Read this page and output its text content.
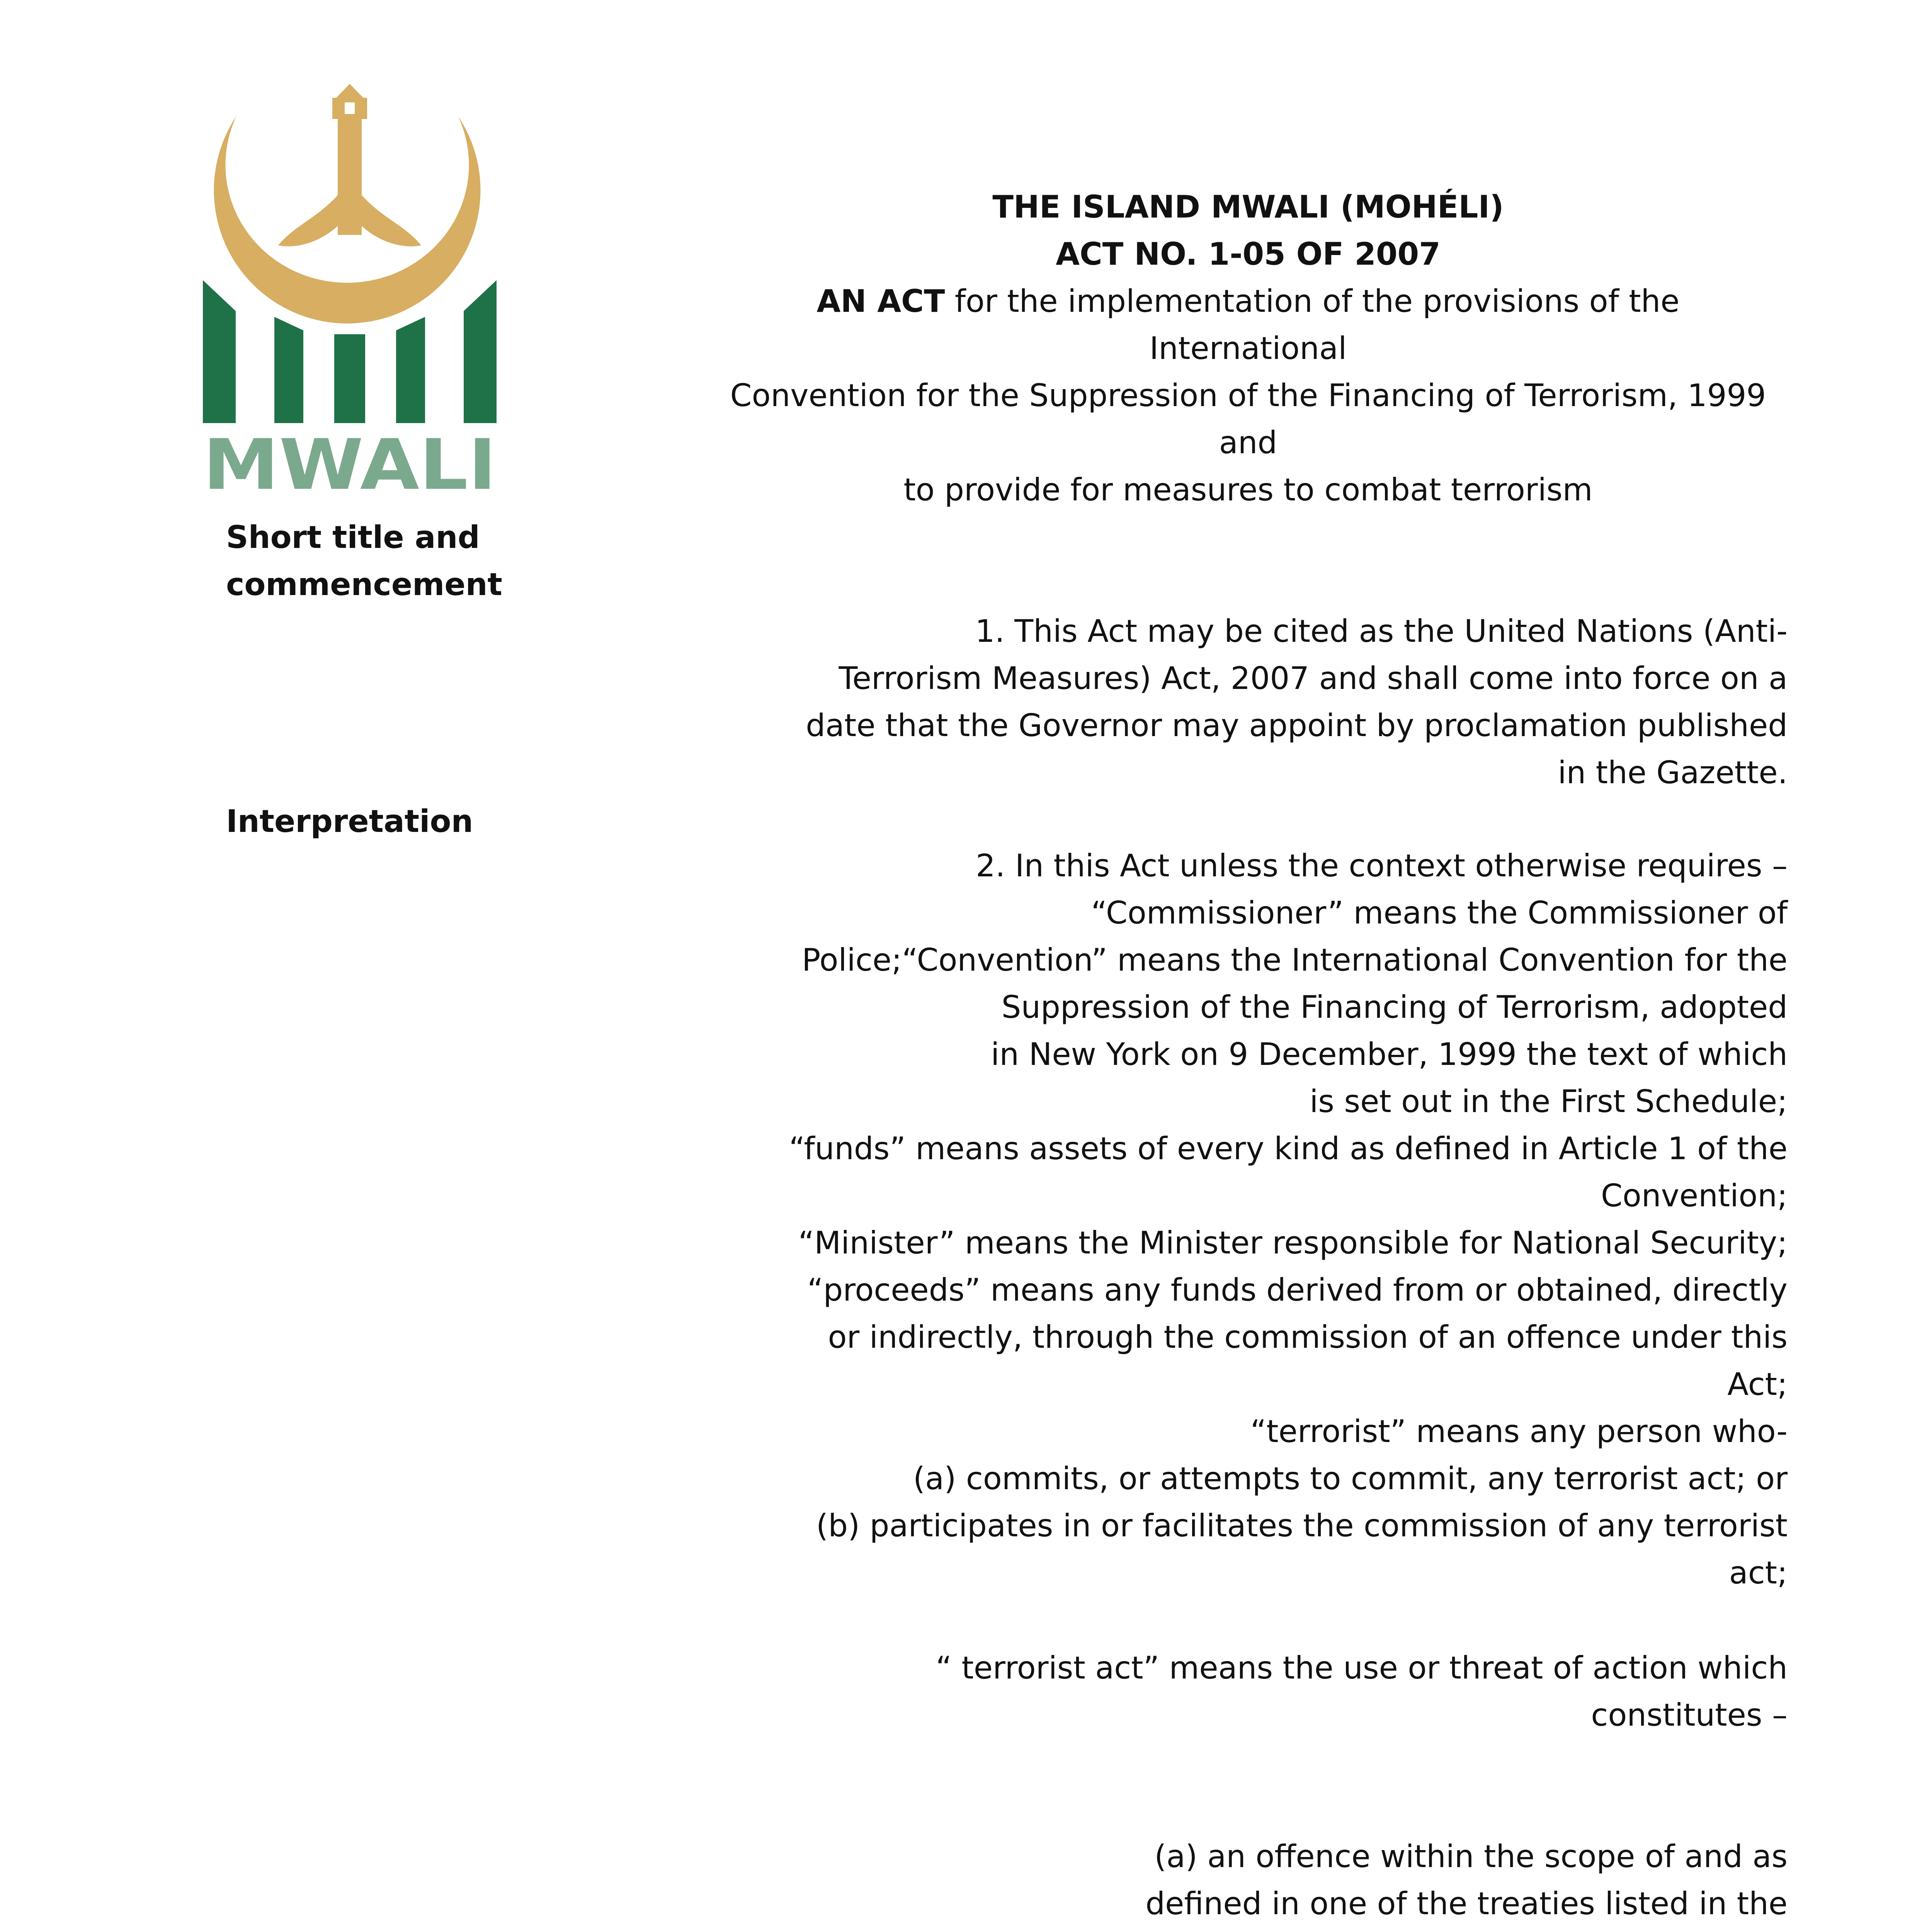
MWALI
Short title and
commencement
Interpretation
THE ISLAND MWALI (MOHÉLI)
ACT NO. 1-05 OF 2007
AN ACT for the implementation of the provisions of the International
Convention for the Suppression of the Financing of Terrorism, 1999 and
to provide for measures to combat terrorism
1. This Act may be cited as the United Nations (Anti-
Terrorism Measures) Act, 2007 and shall come into force on a
date that the Governor may appoint by proclamation published
in the Gazette.
2. In this Act unless the context otherwise requires –
“Commissioner” means the Commissioner of
Police;“Convention” means the International Convention for the
Suppression of the Financing of Terrorism, adopted
in New York on 9 December, 1999 the text of which
is set out in the First Schedule;
“funds” means assets of every kind as defined in Article 1 of the
Convention;
“Minister” means the Minister responsible for National Security;
“proceeds” means any funds derived from or obtained, directly
or indirectly, through the commission of an offence under this
Act;
“terrorist” means any person who-
(a) commits, or attempts to commit, any terrorist act; or
(b) participates in or facilitates the commission of any terrorist
act;
“ terrorist act” means the use or threat of action which
constitutes –
(a) an offence within the scope of and as
defined in one of the treaties listed in the
